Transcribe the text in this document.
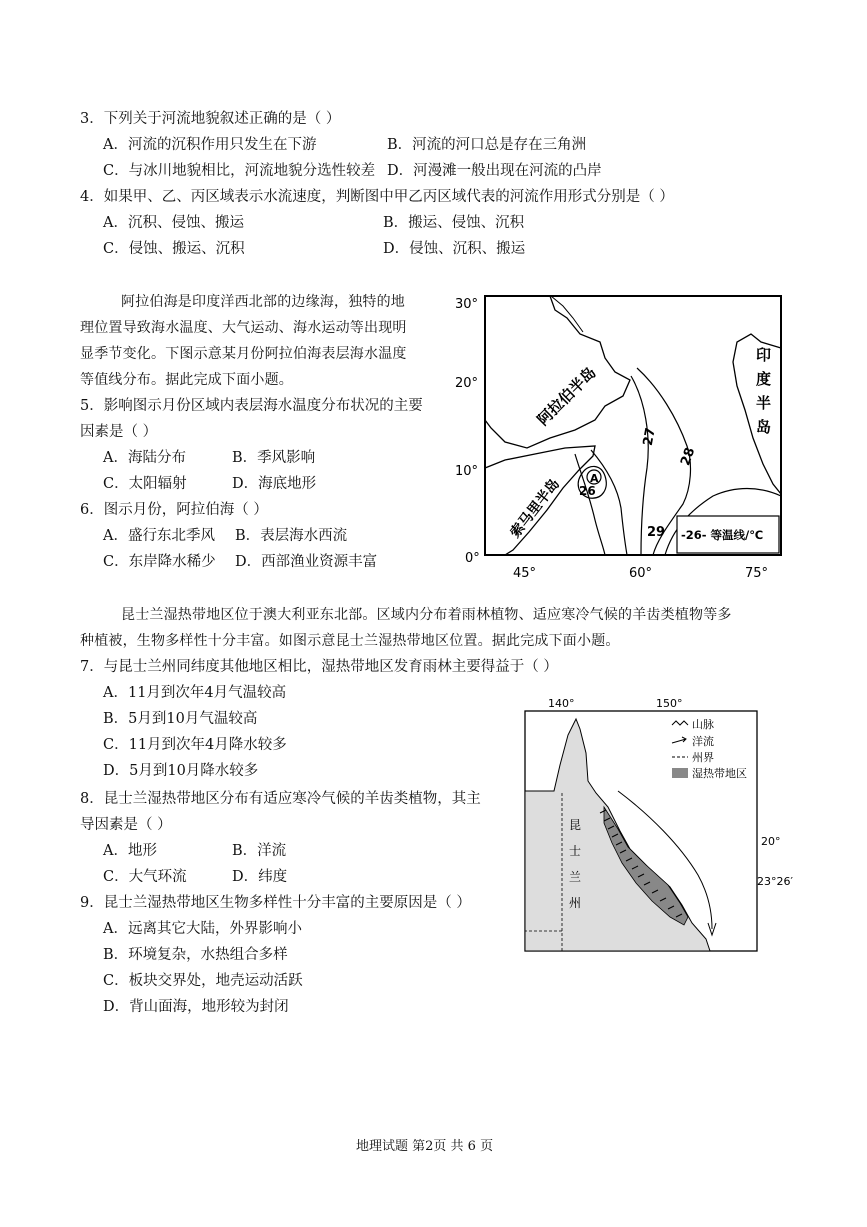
3．下列关于河流地貌叙述正确的是（ ）
A．河流的沉积作用只发生在下游	B．河流的河口总是存在三角洲
C．与冰川地貌相比，河流地貌分选性较差 D．河漫滩一般出现在河流的凸岸
4．如果甲、乙、丙区域表示水流速度，判断图中甲乙丙区域代表的河流作用形式分别是（ ）
A．沉积、侵蚀、搬运	B．搬运、侵蚀、沉积
C．侵蚀、搬运、沉积	D．侵蚀、沉积、搬运
阿拉伯海是印度洋西北部的边缘海，独特的地
理位置导致海水温度、大气运动、海水运动等出现明
显季节变化。下图示意某月份阿拉伯海表层海水温度
等值线分布。据此完成下面小题。
5．影响图示月份区域内表层海水温度分布状况的主要
因素是（ ）
A．海陆分布	B．季风影响
C．太阳辐射	D．海底地形
6．图示月份，阿拉伯海（ ）
A．盛行东北季风 B．表层海水西流
C．东岸降水稀少 D．西部渔业资源丰富
30°
20°
10°
0°
45°	60°	75°
阿拉伯半岛
索马里半岛
印
度
半
岛
27
28
29
26
A
-26- 等温线/℃
昆士兰湿热带地区位于澳大利亚东北部。区域内分布着雨林植物、适应寒冷气候的羊齿类植物等多
种植被，生物多样性十分丰富。如图示意昆士兰湿热带地区位置。据此完成下面小题。
7．与昆士兰州同纬度其他地区相比，湿热带地区发育雨林主要得益于（ ）
A．11月到次年4月气温较高
B．5月到10月气温较高
C．11月到次年4月降水较多
D．5月到10月降水较多
8．昆士兰湿热带地区分布有适应寒冷气候的羊齿类植物，其主
导因素是（ ）
A．地形	B．洋流
C．大气环流	D．纬度
9．昆士兰湿热带地区生物多样性十分丰富的主要原因是（ ）
A．远离其它大陆，外界影响小
B．环境复杂，水热组合多样
C．板块交界处，地壳运动活跃
D．背山面海，地形较为封闭
140°	150°
20°
23°26′
昆
士
兰
州
山脉
洋流
州界
湿热带地区
地理试题 第2页 共 6 页
